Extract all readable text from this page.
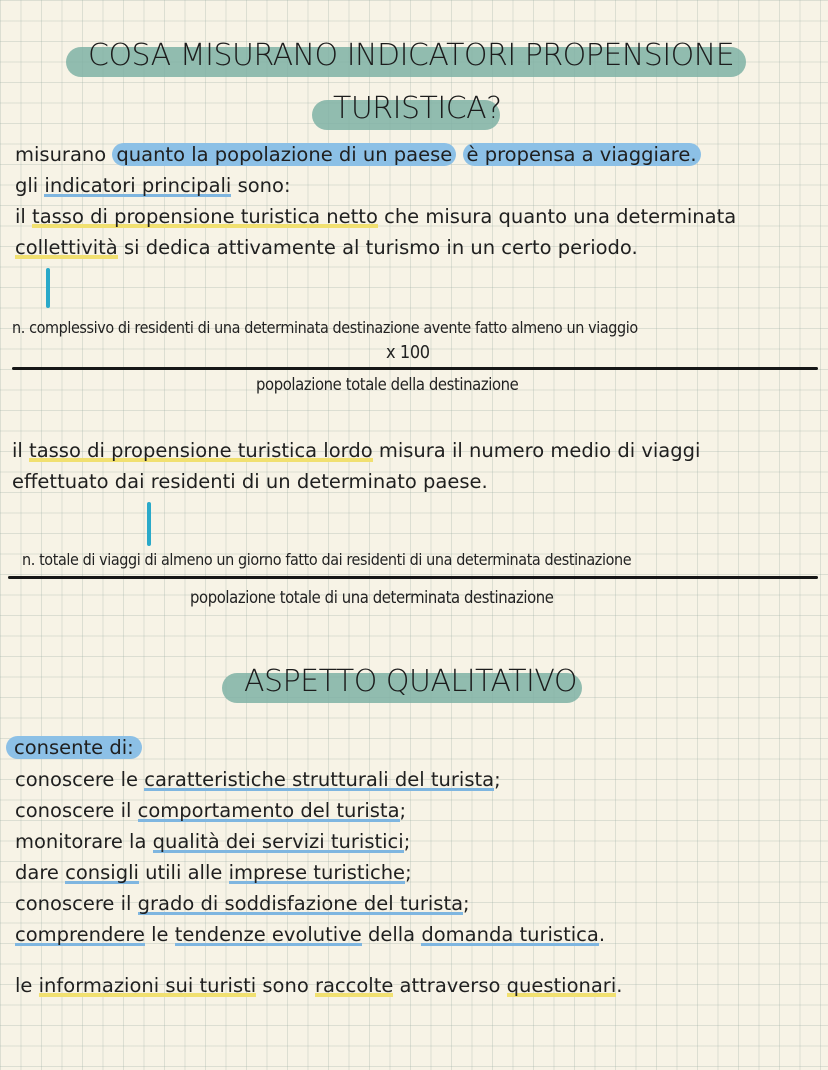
COSA MISURANO INDICATORI PROPENSIONE
TURISTICA?
misurano quanto la popolazione di un paese è propensa a viaggiare.
gli indicatori principali sono:
il tasso di propensione turistica netto che misura quanto una determinata
collettività si dedica attivamente al turismo in un certo periodo.
n. complessivo di residenti di una determinata destinazione avente fatto almeno un viaggio
x 100
popolazione totale della destinazione
il tasso di propensione turistica lordo misura il numero medio di viaggi
effettuato dai residenti di un determinato paese.
n. totale di viaggi di almeno un giorno fatto dai residenti di una determinata destinazione
popolazione totale di una determinata destinazione
ASPETTO QUALITATIVO
consente di:
conoscere le caratteristiche strutturali del turista;
conoscere il comportamento del turista;
monitorare la qualità dei servizi turistici;
dare consigli utili alle imprese turistiche;
conoscere il grado di soddisfazione del turista;
comprendere le tendenze evolutive della domanda turistica.
le informazioni sui turisti sono raccolte attraverso questionari.
